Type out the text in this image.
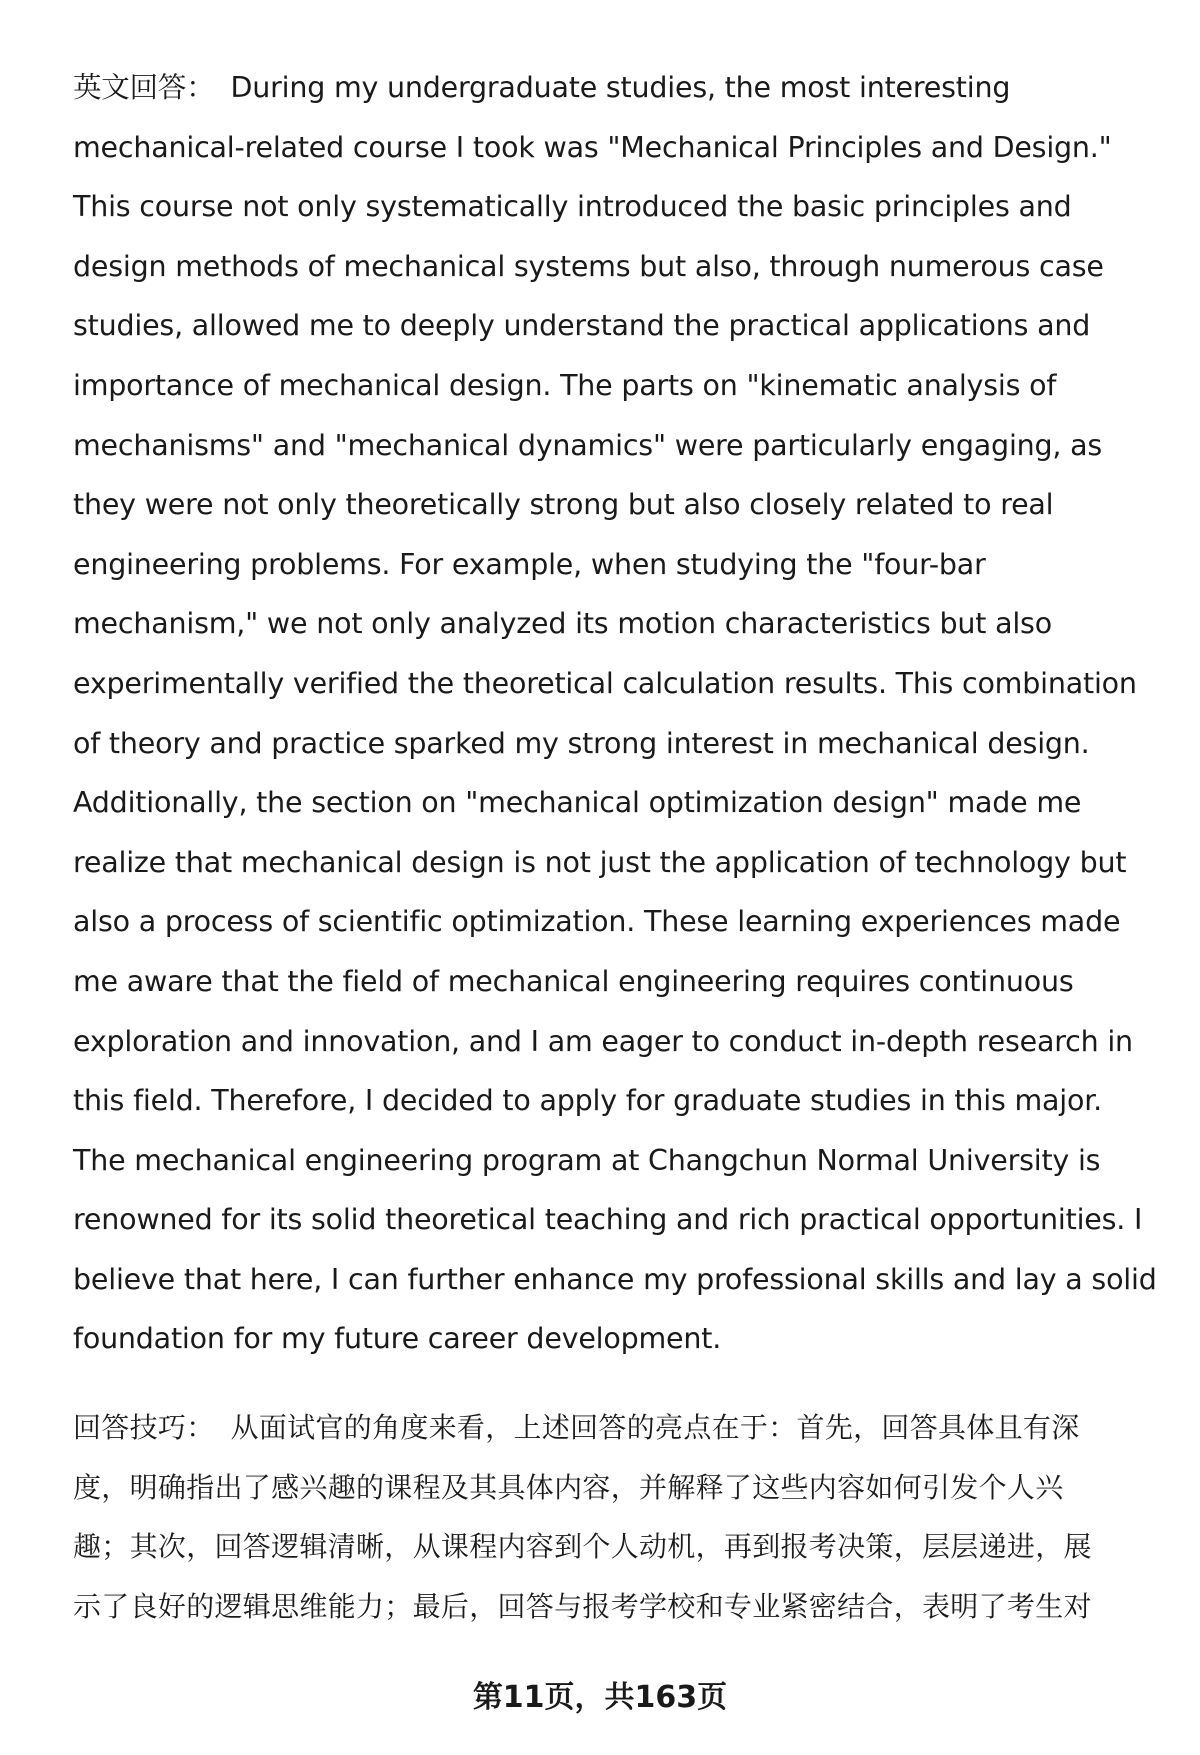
英文回答： During my undergraduate studies, the most interesting
mechanical-related course I took was "Mechanical Principles and Design."
This course not only systematically introduced the basic principles and
design methods of mechanical systems but also, through numerous case
studies, allowed me to deeply understand the practical applications and
importance of mechanical design. The parts on "kinematic analysis of
mechanisms" and "mechanical dynamics" were particularly engaging, as
they were not only theoretically strong but also closely related to real
engineering problems. For example, when studying the "four-bar
mechanism," we not only analyzed its motion characteristics but also
experimentally verified the theoretical calculation results. This combination
of theory and practice sparked my strong interest in mechanical design.
Additionally, the section on "mechanical optimization design" made me
realize that mechanical design is not just the application of technology but
also a process of scientific optimization. These learning experiences made
me aware that the field of mechanical engineering requires continuous
exploration and innovation, and I am eager to conduct in-depth research in
this field. Therefore, I decided to apply for graduate studies in this major.
The mechanical engineering program at Changchun Normal University is
renowned for its solid theoretical teaching and rich practical opportunities. I
believe that here, I can further enhance my professional skills and lay a solid
foundation for my future career development.
回答技巧： 从面试官的角度来看，上述回答的亮点在于：首先，回答具体且有深
度，明确指出了感兴趣的课程及其具体内容，并解释了这些内容如何引发个人兴
趣；其次，回答逻辑清晰，从课程内容到个人动机，再到报考决策，层层递进，展
示了良好的逻辑思维能力；最后，回答与报考学校和专业紧密结合，表明了考生对
第11页，共163页
